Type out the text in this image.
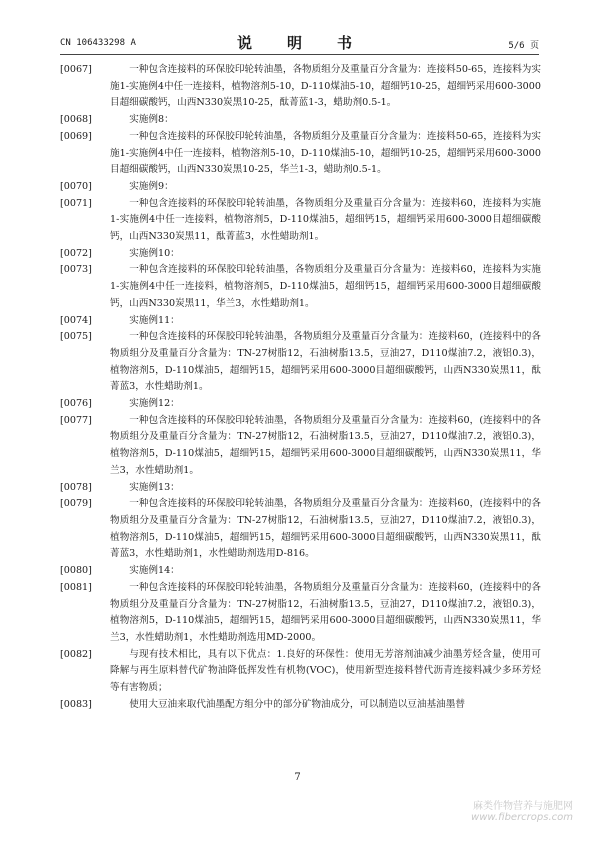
CN 106433298 A	说　明　书	5/6 页
[0067]	一种包含连接料的环保胶印轮转油墨，各物质组分及重量百分含量为：连接料50-65，连接料为实施1-实施例4中任一连接料，植物溶剂5-10，D-110煤油5-10，超细钙10-25，超细钙采用600-3000目超细碳酸钙，山西N330炭黑10-25，酞菁蓝1-3，蜡助剂0.5-1。
[0068]	实施例8：
[0069]	一种包含连接料的环保胶印轮转油墨，各物质组分及重量百分含量为：连接料50-65，连接料为实施1-实施例4中任一连接料，植物溶剂5-10，D-110煤油5-10，超细钙10-25，超细钙采用600-3000目超细碳酸钙，山西N330炭黑10-25，华兰1-3，蜡助剂0.5-1。
[0070]	实施例9：
[0071]	一种包含连接料的环保胶印轮转油墨，各物质组分及重量百分含量为：连接料60，连接料为实施1-实施例4中任一连接料，植物溶剂5，D-110煤油5，超细钙15，超细钙采用600-3000目超细碳酸钙，山西N330炭黑11，酞菁蓝3，水性蜡助剂1。
[0072]	实施例10：
[0073]	一种包含连接料的环保胶印轮转油墨，各物质组分及重量百分含量为：连接料60，连接料为实施1-实施例4中任一连接料，植物溶剂5，D-110煤油5，超细钙15，超细钙采用600-3000目超细碳酸钙，山西N330炭黑11，华兰3，水性蜡助剂1。
[0074]	实施例11：
[0075]	一种包含连接料的环保胶印轮转油墨，各物质组分及重量百分含量为：连接料60，(连接料中的各物质组分及重量百分含量为：TN-27树脂12，石油树脂13.5，豆油27，D110煤油7.2，液铝0.3)，植物溶剂5，D-110煤油5，超细钙15，超细钙采用600-3000目超细碳酸钙，山西N330炭黑11，酞菁蓝3，水性蜡助剂1。
[0076]	实施例12：
[0077]	一种包含连接料的环保胶印轮转油墨，各物质组分及重量百分含量为：连接料60，(连接料中的各物质组分及重量百分含量为：TN-27树脂12，石油树脂13.5，豆油27，D110煤油7.2，液铝0.3)，植物溶剂5，D-110煤油5，超细钙15，超细钙采用600-3000目超细碳酸钙，山西N330炭黑11，华兰3，水性蜡助剂1。
[0078]	实施例13：
[0079]	一种包含连接料的环保胶印轮转油墨，各物质组分及重量百分含量为：连接料60，(连接料中的各物质组分及重量百分含量为：TN-27树脂12，石油树脂13.5，豆油27，D110煤油7.2，液铝0.3)，植物溶剂5，D-110煤油5，超细钙15，超细钙采用600-3000目超细碳酸钙，山西N330炭黑11，酞菁蓝3，水性蜡助剂1，水性蜡助剂选用D-816。
[0080]	实施例14：
[0081]	一种包含连接料的环保胶印轮转油墨，各物质组分及重量百分含量为：连接料60，(连接料中的各物质组分及重量百分含量为：TN-27树脂12，石油树脂13.5，豆油27，D110煤油7.2，液铝0.3)，植物溶剂5，D-110煤油5，超细钙15，超细钙采用600-3000目超细碳酸钙，山西N330炭黑11，华兰3，水性蜡助剂1，水性蜡助剂选用MD-2000。
[0082]	与现有技术相比，具有以下优点：1.良好的环保性：使用无芳溶剂油减少油墨芳烃含量，使用可降解与再生原料替代矿物油降低挥发性有机物(VOC)，使用新型连接料替代沥青连接料减少多环芳烃等有害物质；
[0083]	使用大豆油来取代油墨配方组分中的部分矿物油成分，可以制造以豆油基油墨替
7
麻类作物营养与施肥网
www.fibercrops.com
